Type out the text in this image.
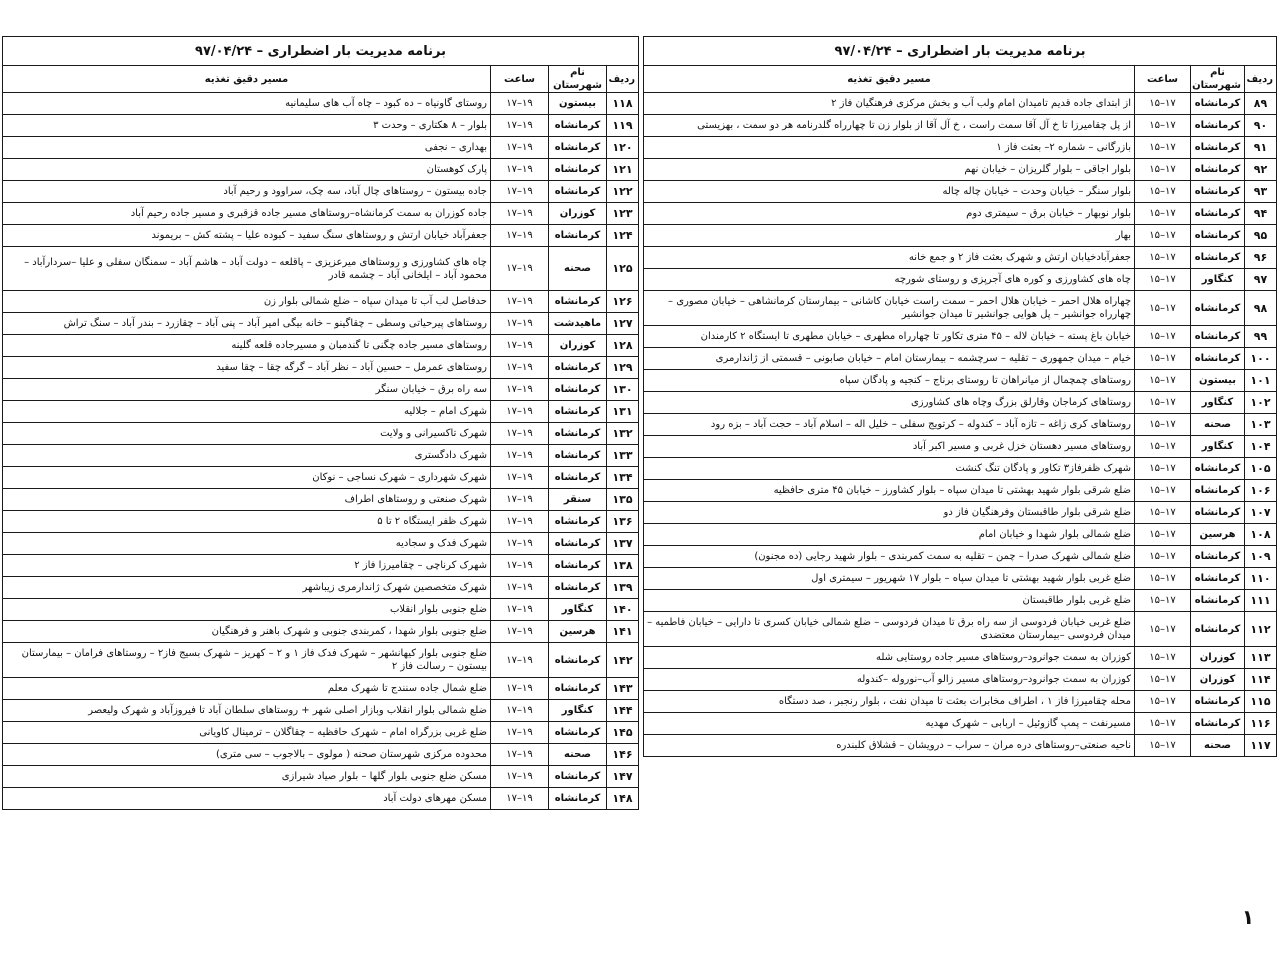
برنامه مدیریت بار اضطراری – ۹۷/۰۴/۲۴			
ردیف	نام شهرستان	ساعت	مسیر دقیق تغذیه
۱۱۸	بیستون	۱۹–۱۷	روستای گاونیاه – ده کبود – چاه آب های سلیمانیه
۱۱۹	کرمانشاه	۱۹–۱۷	بلوار – ۸ هکتاری – وحدت ۳
۱۲۰	کرمانشاه	۱۹–۱۷	بهداری – نجفی
۱۲۱	کرمانشاه	۱۹–۱۷	پارک کوهستان
۱۲۲	کرمانشاه	۱۹–۱۷	جاده بیستون – روستاهای چال آباد، سه چک، سراوود و رحیم آباد
۱۲۳	کوزران	۱۹–۱۷	جاده کوزران به سمت کرمانشاه–روستاهای مسیر جاده قزقبری و مسیر جاده رحیم آباد
۱۲۴	کرمانشاه	۱۹–۱۷	جعفرآباد خیابان ارتش و روستاهای سنگ سفید – کبوده علیا – پشته کش – بریموند
۱۲۵	صحنه	۱۹–۱۷	چاه های کشاورزی و روستاهای میرعزیزی – پاقلعه – دولت آباد – هاشم آباد – سمنگان سفلی و علیا –سردارآباد – محمود آباد – ایلخانی آباد – چشمه قادر
۱۲۶	کرمانشاه	۱۹–۱۷	حدفاصل لب آب تا میدان سپاه – ضلع شمالی بلوار زن
۱۲۷	ماهیدشت	۱۹–۱۷	روستاهای پیرحیاتی وسطی – چقاگینو – خانه بیگی امیر آباد – پنی آباد – چقازرد – بندر آباد – سنگ تراش
۱۲۸	کوزران	۱۹–۱۷	روستاهای مسیر جاده چگنی تا گندمبان و مسیرجاده قلعه گلینه
۱۲۹	کرمانشاه	۱۹–۱۷	روستاهای عمرمل – حسین آباد – نظر آباد – گرگه چقا – چقا سفید
۱۳۰	کرمانشاه	۱۹–۱۷	سه راه برق – خیابان سنگر
۱۳۱	کرمانشاه	۱۹–۱۷	شهرک امام – جلالیه
۱۳۲	کرمانشاه	۱۹–۱۷	شهرک تاکسیرانی و ولایت
۱۳۳	کرمانشاه	۱۹–۱۷	شهرک دادگستری
۱۳۴	کرمانشاه	۱۹–۱۷	شهرک شهرداری – شهرک نساجی – نوکان
۱۳۵	سنقر	۱۹–۱۷	شهرک صنعتی و روستاهای اطراف
۱۳۶	کرمانشاه	۱۹–۱۷	شهرک ظفر ایستگاه ۲ تا ۵
۱۳۷	کرمانشاه	۱۹–۱۷	شهرک فدک و سجادیه
۱۳۸	کرمانشاه	۱۹–۱۷	شهرک کرناچی – چقامیرزا فاز ۲
۱۳۹	کرمانشاه	۱۹–۱۷	شهرک متخصصین شهرک ژاندارمری زیباشهر
۱۴۰	کنگاور	۱۹–۱۷	ضلع جنوبی بلوار انقلاب
۱۴۱	هرسین	۱۹–۱۷	ضلع جنوبی بلوار شهدا ، کمربندی جنوبی و شهرک باهنر و فرهنگیان
۱۴۲	کرمانشاه	۱۹–۱۷	ضلع جنوبی بلوار کیهانشهر – شهرک فدک فاز ۱ و ۲ – کهریز – شهرک بسیج فاز۲ – روستاهای فرامان – بیمارستان بیستون – رسالت فاز ۲
۱۴۳	کرمانشاه	۱۹–۱۷	ضلع شمال جاده سنندج تا شهرک معلم
۱۴۴	کنگاور	۱۹–۱۷	ضلع شمالی بلوار انقلاب وبازار اصلی شهر + روستاهای سلطان آباد تا فیروزآباد و شهرک ولیعصر
۱۴۵	کرمانشاه	۱۹–۱۷	ضلع غربی بزرگراه امام – شهرک حافظیه – چقاگلان – ترمینال کاویانی
۱۴۶	صحنه	۱۹–۱۷	محدوده مرکزی شهرستان صحنه ( مولوی – بالاجوب – سی متری)
۱۴۷	کرمانشاه	۱۹–۱۷	مسکن ضلع جنوبی بلوار گلها – بلوار صیاد شیرازی
۱۴۸	کرمانشاه	۱۹–۱۷	مسکن مهرهای دولت آباد
برنامه مدیریت بار اضطراری – ۹۷/۰۴/۲۴			
ردیف	نام شهرستان	ساعت	مسیر دقیق تغذیه
۸۹	کرمانشاه	۱۷–۱۵	از ابتدای جاده قدیم تامیدان امام ولب آب و بخش مرکزی فرهنگیان فاز ۲
۹۰	کرمانشاه	۱۷–۱۵	از پل چقامیرزا تا خ آل آقا سمت راست ، خ آل آقا از بلوار زن تا چهارراه گلدرنامه هر دو سمت ، بهزیستی
۹۱	کرمانشاه	۱۷–۱۵	بازرگانی – شماره ۲– بعثت فاز ۱
۹۲	کرمانشاه	۱۷–۱۵	بلوار اجاقی – بلوار گلریزان – خیابان نهم
۹۳	کرمانشاه	۱۷–۱۵	بلوار سنگر – خیابان وحدت – خیابان چاله چاله
۹۴	کرمانشاه	۱۷–۱۵	بلوار نوبهار – خیابان برق – سیمتری دوم
۹۵	کرمانشاه	۱۷–۱۵	بهار
۹۶	کرمانشاه	۱۷–۱۵	جعفرآبادخیابان ارتش و شهرک بعثت فاز ۲ و جمع خانه
۹۷	کنگاور	۱۷–۱۵	چاه های کشاورزی و کوره های آجرپزی و روستای شورچه
۹۸	کرمانشاه	۱۷–۱۵	چهاراه هلال احمر – خیابان هلال احمر – سمت راست خیابان کاشانی – بیمارستان کرمانشاهی – خیابان مصوری – چهارراه جوانشیر – پل هوایی جوانشیر تا میدان جوانشیر
۹۹	کرمانشاه	۱۷–۱۵	خیابان باغ پسته – خیابان لاله – ۴۵ متری تکاور تا چهارراه مطهری – خیابان مطهری تا ایستگاه ۲ کارمندان
۱۰۰	کرمانشاه	۱۷–۱۵	خیام – میدان جمهوری – تقلیه – سرچشمه – بیمارستان امام – خیابان صابونی – قسمتی از ژاندارمری
۱۰۱	بیستون	۱۷–۱۵	روستاهای چمچمال از میانراهان تا روستای برناج – کنجیه و پادگان سپاه
۱۰۲	کنگاور	۱۷–۱۵	روستاهای کرماجان وقارلق بزرگ وچاه های کشاورزی
۱۰۳	صحنه	۱۷–۱۵	روستاهای کری زاغه – تازه آباد – کندوله – کرتویج سفلی – خلیل اله – اسلام آباد – حجت آباد – بزه رود
۱۰۴	کنگاور	۱۷–۱۵	روستاهای مسیر دهستان خزل غربی و مسیر اکبر آباد
۱۰۵	کرمانشاه	۱۷–۱۵	شهرک ظفرفاز۳ تکاور و پادگان تنگ کنشت
۱۰۶	کرمانشاه	۱۷–۱۵	ضلع شرقی بلوار شهید بهشتی تا میدان سپاه – بلوار کشاورز – خیابان ۴۵ متری حافظیه
۱۰۷	کرمانشاه	۱۷–۱۵	ضلع شرقی بلوار طاقبستان وفرهنگیان فاز دو
۱۰۸	هرسین	۱۷–۱۵	ضلع شمالی بلوار شهدا و خیابان امام
۱۰۹	کرمانشاه	۱۷–۱۵	ضلع شمالی شهرک صدرا – چمن – تقلیه به سمت کمربندی – بلوار شهید رجایی (ده مجنون)
۱۱۰	کرمانشاه	۱۷–۱۵	ضلع غربی بلوار شهید بهشتی تا میدان سپاه – بلوار ۱۷ شهریور – سیمتری اول
۱۱۱	کرمانشاه	۱۷–۱۵	ضلع غربی بلوار طاقبستان
۱۱۲	کرمانشاه	۱۷–۱۵	ضلع غربی خیابان فردوسی از سه راه برق تا میدان فردوسی – ضلع شمالی خیابان کسری تا دارایی – خیابان فاطمیه – میدان فردوسی –بیمارستان معتضدی
۱۱۳	کوزران	۱۷–۱۵	کوزران به سمت جوانرود–روستاهای مسیر جاده روستایی شله
۱۱۴	کوزران	۱۷–۱۵	کوزران به سمت جوانرود–روستاهای مسیر زالو آب–نوروله –کندوله
۱۱۵	کرمانشاه	۱۷–۱۵	محله چقامیرزا فاز ۱ ، اطراف مخابرات بعثت تا میدان نفت ، بلوار رنجبر ، صد دستگاه
۱۱۶	کرمانشاه	۱۷–۱۵	مسیرنفت – پمپ گازوئیل – اربابی – شهرک مهدیه
۱۱۷	صحنه	۱۷–۱۵	ناحیه صنعتی–روستاهای دره مران – سراب – درویشان – قشلاق کلبندره
۱
